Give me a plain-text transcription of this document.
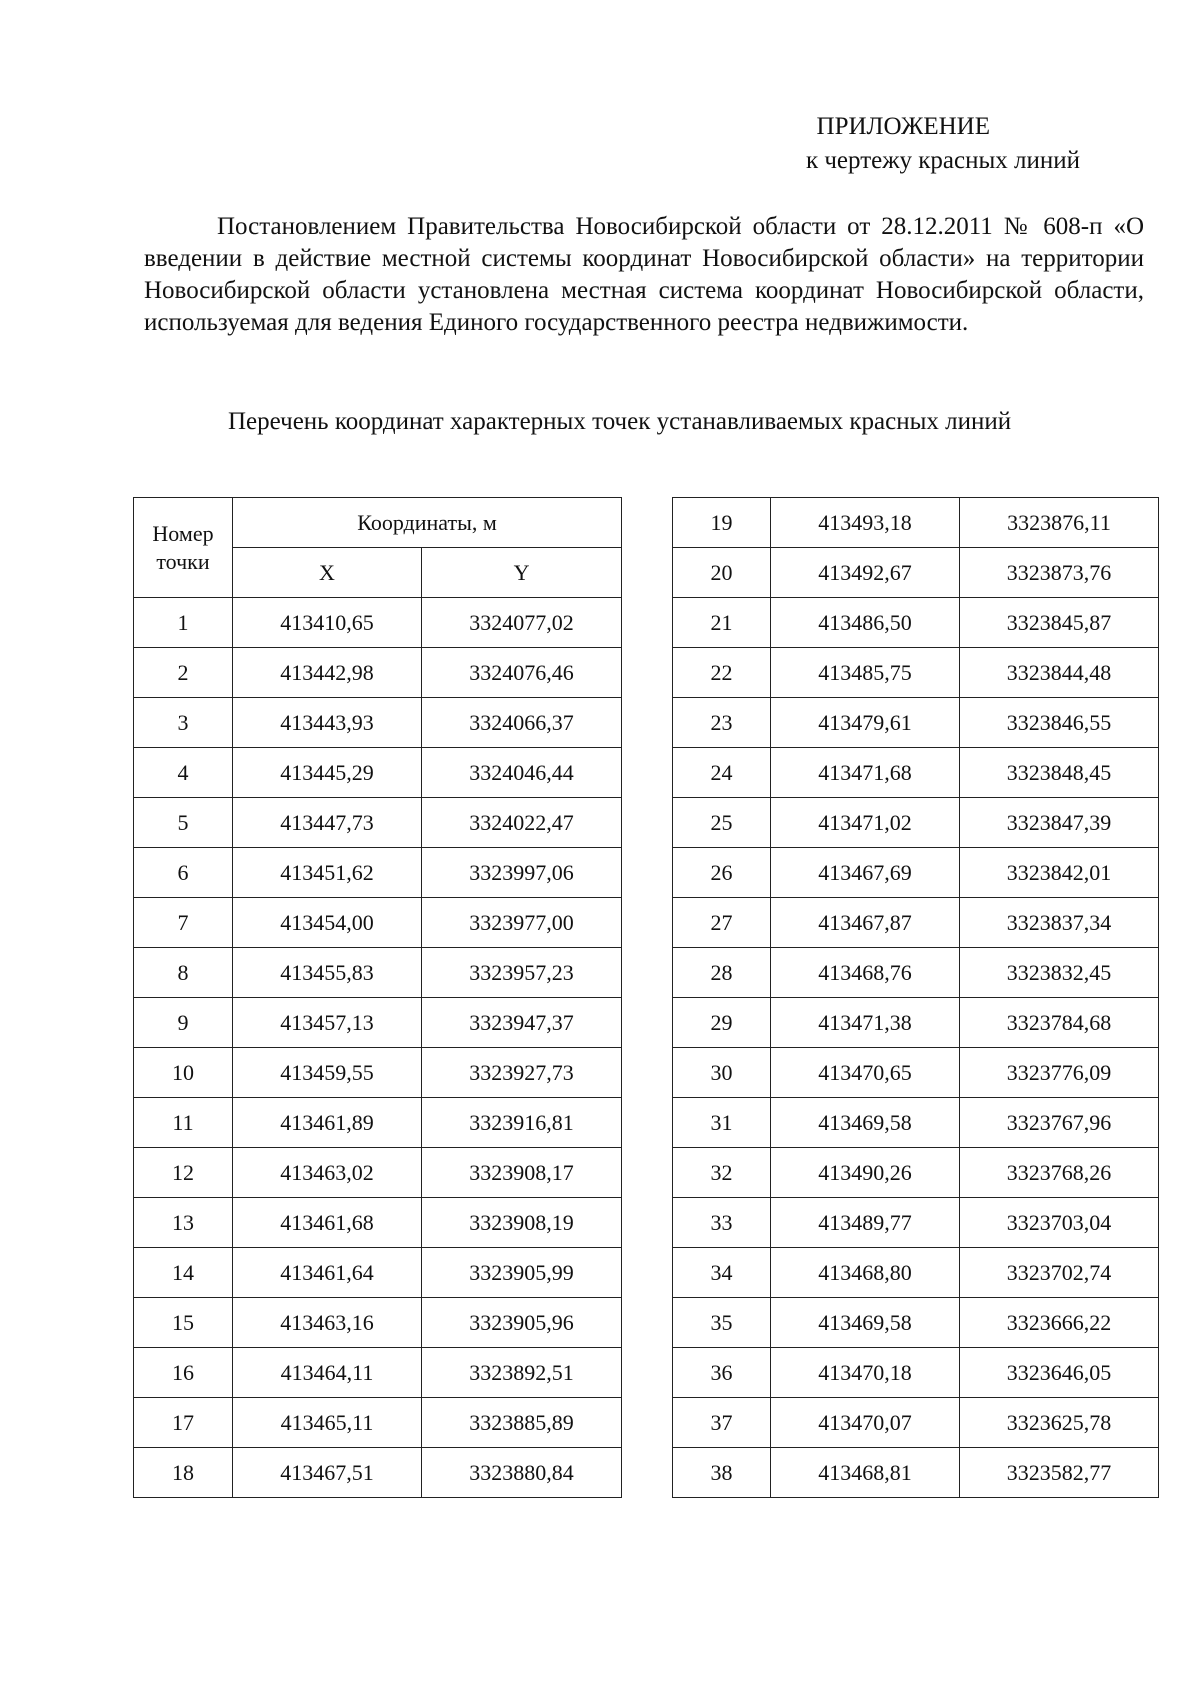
ПРИЛОЖЕНИЕ
к чертежу красных линий

Постановлением Правительства Новосибирской области от 28.12.2011 № 608-п «О введении в действие местной системы координат Новосибирской области» на территории Новосибирской области установлена местная система координат Новосибирской области, используемая для ведения Единого государственного реестра недвижимости.

Перечень координат характерных точек устанавливаемых красных линий

Номер
точки	Координаты, м	
	X	Y
1	413410,65	3324077,02
2	413442,98	3324076,46
3	413443,93	3324066,37
4	413445,29	3324046,44
5	413447,73	3324022,47
6	413451,62	3323997,06
7	413454,00	3323977,00
8	413455,83	3323957,23
9	413457,13	3323947,37
10	413459,55	3323927,73
11	413461,89	3323916,81
12	413463,02	3323908,17
13	413461,68	3323908,19
14	413461,64	3323905,99
15	413463,16	3323905,96
16	413464,11	3323892,51
17	413465,11	3323885,89
18	413467,51	3323880,84
19	413493,18	3323876,11
20	413492,67	3323873,76
21	413486,50	3323845,87
22	413485,75	3323844,48
23	413479,61	3323846,55
24	413471,68	3323848,45
25	413471,02	3323847,39
26	413467,69	3323842,01
27	413467,87	3323837,34
28	413468,76	3323832,45
29	413471,38	3323784,68
30	413470,65	3323776,09
31	413469,58	3323767,96
32	413490,26	3323768,26
33	413489,77	3323703,04
34	413468,80	3323702,74
35	413469,58	3323666,22
36	413470,18	3323646,05
37	413470,07	3323625,78
38	413468,81	3323582,77
